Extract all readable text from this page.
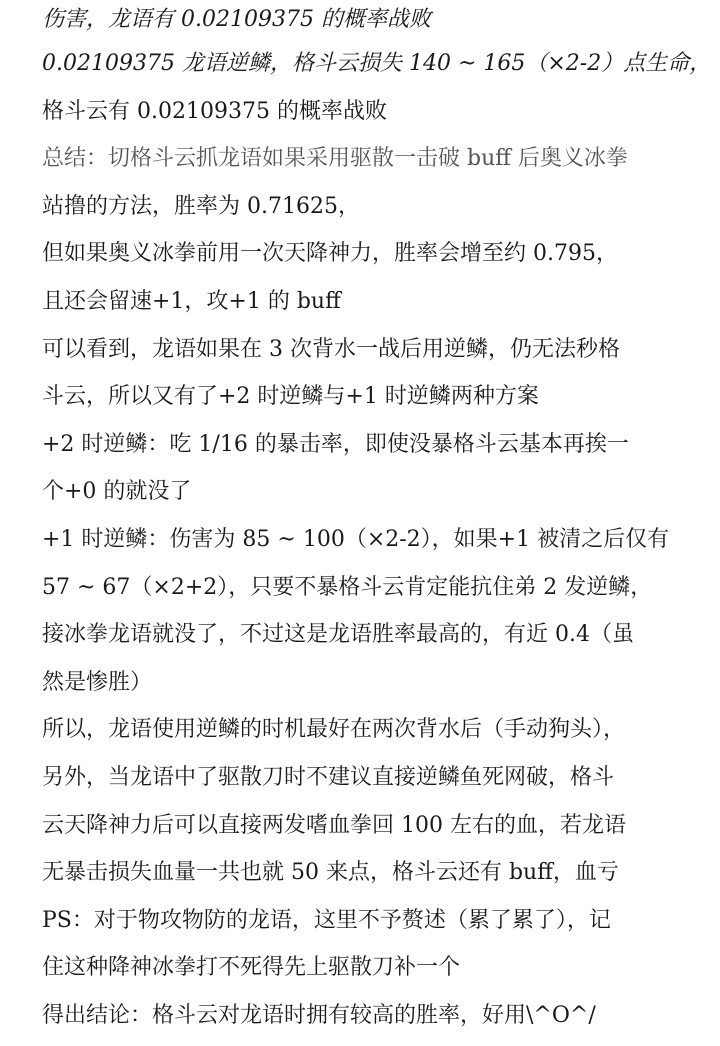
伤害，龙语有 0.02109375 的概率战败
0.02109375 龙语逆鳞，格斗云损失 140 ~ 165（×2-2）点生命，
格斗云有 0.02109375 的概率战败
总结：切格斗云抓龙语如果采用驱散一击破 buff 后奥义冰拳
站撸的方法，胜率为 0.71625，
但如果奥义冰拳前用一次天降神力，胜率会增至约 0.795，
且还会留速+1，攻+1 的 buff
可以看到，龙语如果在 3 次背水一战后用逆鳞，仍无法秒格
斗云，所以又有了+2 时逆鳞与+1 时逆鳞两种方案
+2 时逆鳞：吃 1/16 的暴击率，即使没暴格斗云基本再挨一
个+0 的就没了
+1 时逆鳞：伤害为 85 ~ 100（×2-2），如果+1 被清之后仅有
57 ~ 67（×2+2），只要不暴格斗云肯定能抗住弟 2 发逆鳞，
接冰拳龙语就没了，不过这是龙语胜率最高的，有近 0.4（虽
然是惨胜）
所以，龙语使用逆鳞的时机最好在两次背水后（手动狗头），
另外，当龙语中了驱散刀时不建议直接逆鳞鱼死网破，格斗
云天降神力后可以直接两发嗜血拳回 100 左右的血，若龙语
无暴击损失血量一共也就 50 来点，格斗云还有 buff，血亏
PS：对于物攻物防的龙语，这里不予赘述（累了累了），记
住这种降神冰拳打不死得先上驱散刀补一个
得出结论：格斗云对龙语时拥有较高的胜率，好用\^O^/
